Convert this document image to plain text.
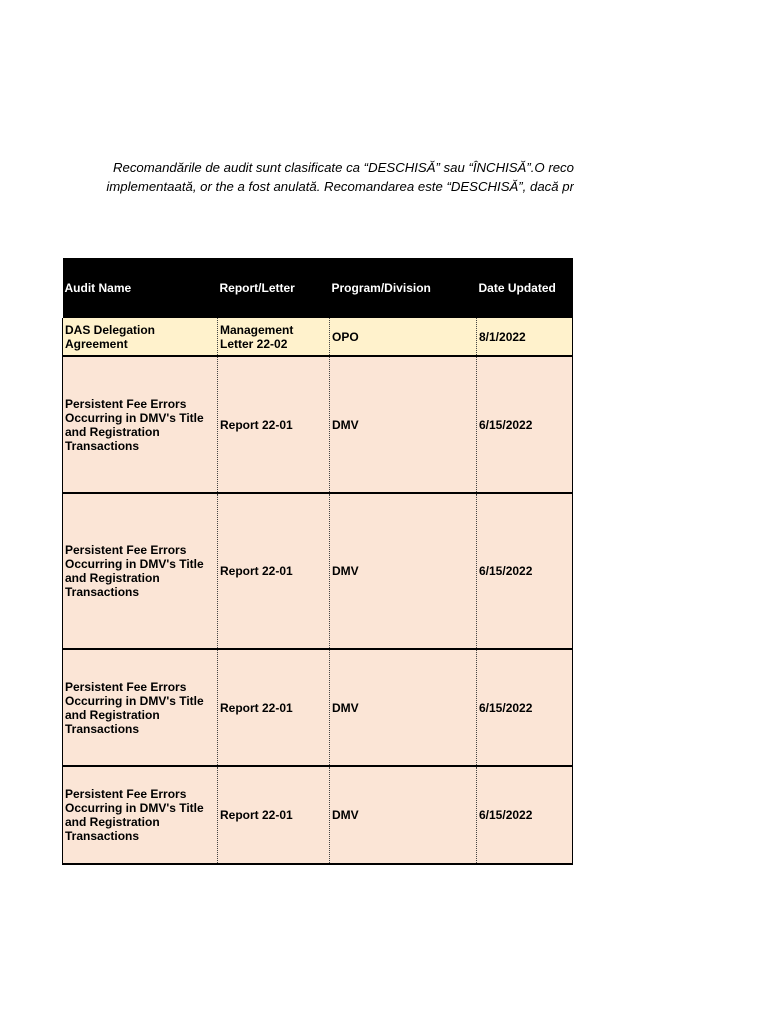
Recomandările de audit sunt clasificate ca “DESCHISĂ” sau “ÎNCHISĂ”.O reco
implementaată, or the a fost anulată. Recomandarea este “DESCHISĂ”, dacă pr
Audit Name	Report/Letter	Program/Division	Date Updated
DAS Delegation Agreement	Management Letter 22-02	OPO	8/1/2022
Persistent Fee Errors Occurring in DMV's Title and Registration Transactions	Report 22-01	DMV	6/15/2022
Persistent Fee Errors Occurring in DMV's Title and Registration Transactions	Report 22-01	DMV	6/15/2022
Persistent Fee Errors Occurring in DMV's Title and Registration Transactions	Report 22-01	DMV	6/15/2022
Persistent Fee Errors Occurring in DMV's Title and Registration Transactions	Report 22-01	DMV	6/15/2022
